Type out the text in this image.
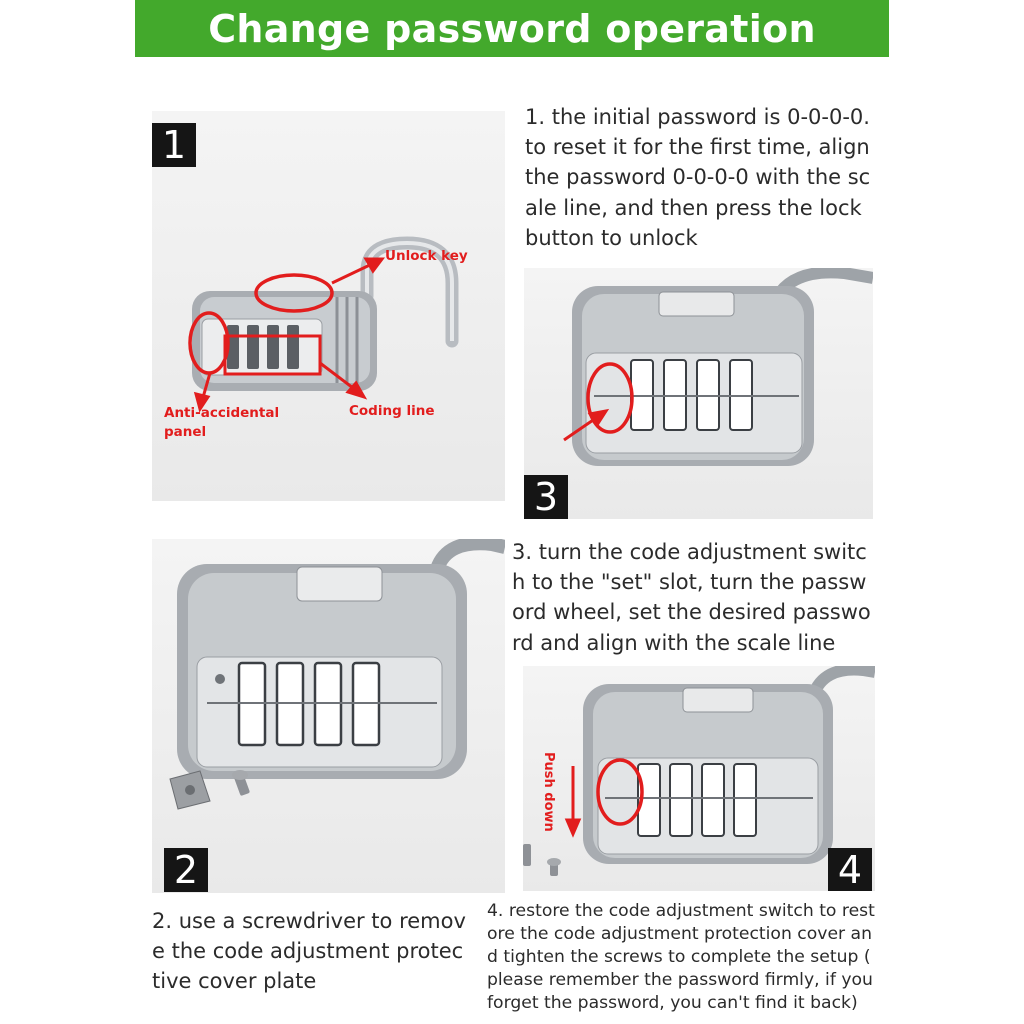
Change password operation
Unlock key
Anti-accidental
panel
Coding line
1
1. the initial password is 0-0-0-0.
to reset it for the first time, align
the password 0-0-0-0 with the sc
ale line, and then press the lock
button to unlock
3
2
3. turn the code adjustment switc
h to the "set" slot, turn the passw
ord wheel, set the desired passwo
rd and align with the scale line
Push down
4
2. use a screwdriver to remov
e the code adjustment protec
tive cover plate
4. restore the code adjustment switch to rest
ore the code adjustment protection cover an
d tighten the screws to complete the setup (
please remember the password firmly, if you
forget the password, you can't find it back)
